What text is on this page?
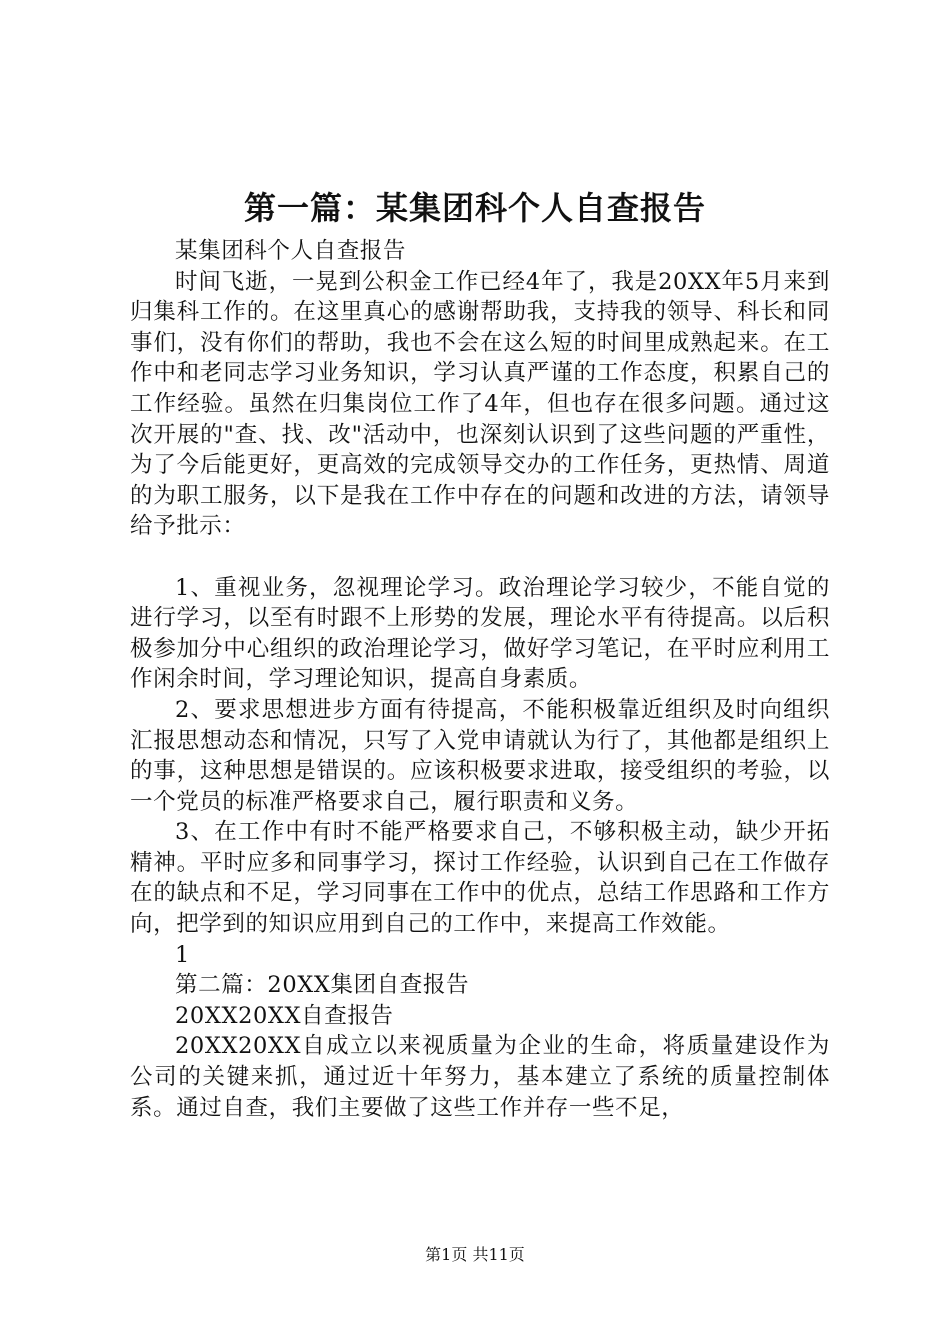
第一篇：某集团科个人自查报告

某集团科个人自查报告

时间飞逝，一晃到公积金工作已经4年了，我是20XX年5月来到归集科工作的。在这里真心的感谢帮助我，支持我的领导、科长和同事们，没有你们的帮助，我也不会在这么短的时间里成熟起来。在工作中和老同志学习业务知识，学习认真严谨的工作态度，积累自己的工作经验。虽然在归集岗位工作了4年，但也存在很多问题。通过这次开展的"查、找、改"活动中，也深刻认识到了这些问题的严重性，为了今后能更好，更高效的完成领导交办的工作任务，更热情、周道的为职工服务，以下是我在工作中存在的问题和改进的方法，请领导给予批示：

1、重视业务，忽视理论学习。政治理论学习较少，不能自觉的进行学习，以至有时跟不上形势的发展，理论水平有待提高。以后积极参加分中心组织的政治理论学习，做好学习笔记，在平时应利用工作闲余时间，学习理论知识，提高自身素质。

2、要求思想进步方面有待提高，不能积极靠近组织及时向组织汇报思想动态和情况，只写了入党申请就认为行了，其他都是组织上的事，这种思想是错误的。应该积极要求进取，接受组织的考验，以一个党员的标准严格要求自己，履行职责和义务。

3、在工作中有时不能严格要求自己，不够积极主动，缺少开拓精神。平时应多和同事学习，探讨工作经验，认识到自己在工作做存在的缺点和不足，学习同事在工作中的优点，总结工作思路和工作方向，把学到的知识应用到自己的工作中，来提高工作效能。

1

第二篇：20XX集团自查报告

20XX20XX自查报告

20XX20XX自成立以来视质量为企业的生命，将质量建设作为公司的关键来抓，通过近十年努力，基本建立了系统的质量控制体系。通过自查，我们主要做了这些工作并存一些不足，

第1页 共11页
